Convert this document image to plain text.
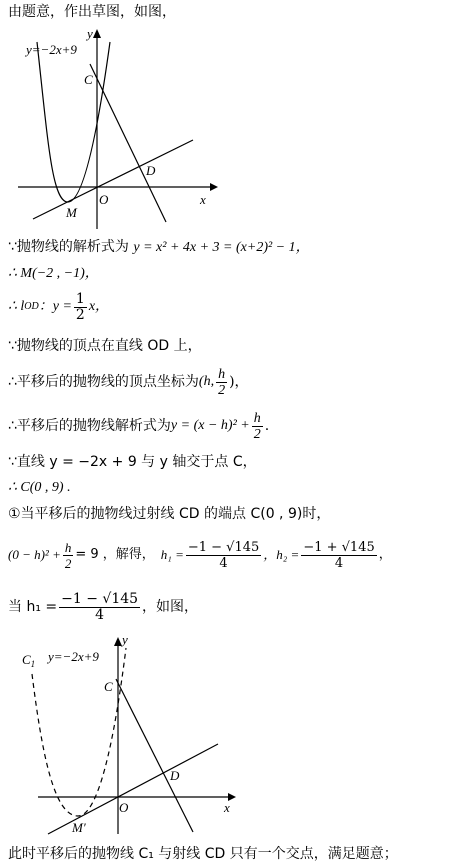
由题意，作出草图，如图，
y=−2x+9
y
x
O
C
D
M
∵抛物线的解析式为 y = x² + 4x + 3 = (x+2)² − 1，
∴ M(−2 , −1)，
∴ l OD ：$y = \frac{1}{2}$ x，
∵抛物线的顶点在直线 OD 上，
∴平移后的抛物线的顶点坐标为 (h, $\frac{h}{2}$ )，
∴平移后的抛物线解析式为 $y = (x - h)^2 + \frac{h}{2}$ .
∵直线 y = −2x + 9 与 y 轴交于点 C，
∴ C(0 , 9) .
①当平移后的抛物线过射线 CD 的端点 C(0 , 9)时，
$(0 - h)^2 + \frac{h}{2} = 9$ ，解得， $h_1 = \frac{-1 - √145}{4}$ ，$h_2 = \frac{-1 + √145}{4}$ ，
当 $h_1 = \frac{-1 - √145}{4}$ ，如图，
$C_1$ y=−2x+9
y
x
O
C
D
M′
此时平移后的抛物线 C₁ 与射线 CD 只有一个交点，满足题意；
